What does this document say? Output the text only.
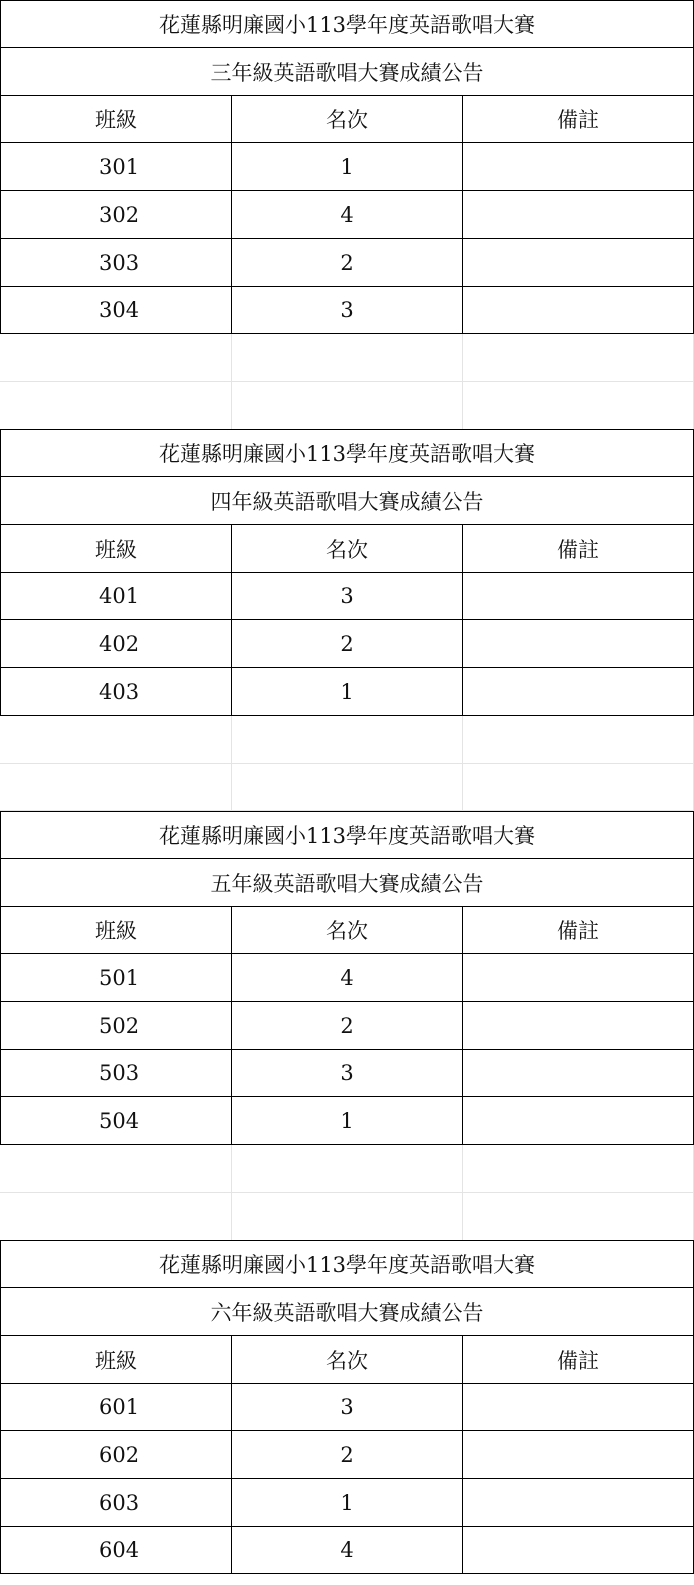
花蓮縣明廉國小113學年度英語歌唱大賽
三年級英語歌唱大賽成績公告
班級	名次	備註
301	1
302	4
303	2
304	3
花蓮縣明廉國小113學年度英語歌唱大賽
四年級英語歌唱大賽成績公告
班級	名次	備註
401	3
402	2
403	1
花蓮縣明廉國小113學年度英語歌唱大賽
五年級英語歌唱大賽成績公告
班級	名次	備註
501	4
502	2
503	3
504	1
花蓮縣明廉國小113學年度英語歌唱大賽
六年級英語歌唱大賽成績公告
班級	名次	備註
601	3
602	2
603	1
604	4
